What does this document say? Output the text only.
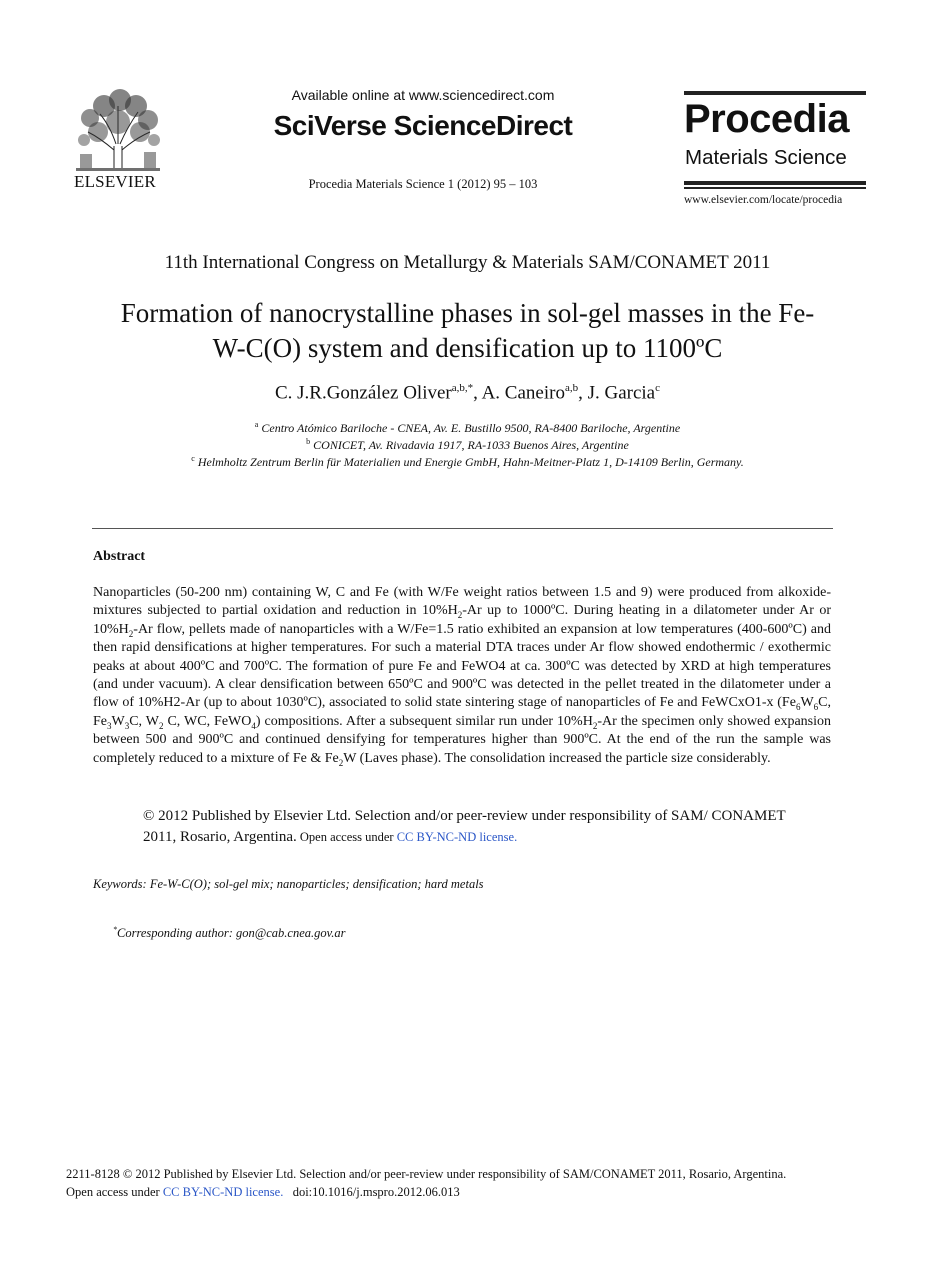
ELSEVIER
Available online at www.sciencedirect.com
SciVerse ScienceDirect
Procedia Materials Science 1 (2012) 95 – 103
Procedia
Materials Science
www.elsevier.com/locate/procedia
11th International Congress on Metallurgy & Materials SAM/CONAMET 2011
Formation of nanocrystalline phases in sol-gel masses in the Fe-
W-C(O) system and densification up to 1100ºC
C. J.R.González Oliver$^{a,b,*}$, A. Caneiro$^{a,b}$, J. Garcia$^c$
$^a$ Centro Atómico Bariloche - CNEA, Av. E. Bustillo 9500, RA-8400 Bariloche, Argentine
$^b$ CONICET, Av. Rivadavia 1917, RA-1033 Buenos Aires, Argentine
$^c$ Helmholtz Zentrum Berlin für Materialien und Energie GmbH, Hahn-Meitner-Platz 1, D-14109 Berlin, Germany.
Abstract
Nanoparticles (50-200 nm) containing W, C and Fe (with W/Fe weight ratios between 1.5 and 9) were produced from alkoxide-mixtures subjected to partial oxidation and reduction in $10\%H_2-Ar$ up to 1000ºC. During heating in a dilatometer under Ar or $10\%H_2-Ar$ flow, pellets made of nanoparticles with a W/Fe=1.5 ratio exhibited an expansion at low temperatures (400-600ºC) and then rapid densifications at higher temperatures. For such a material DTA traces under Ar flow showed endothermic / exothermic peaks at about 400ºC and 700ºC. The formation of pure Fe and FeWO4 at ca. 300ºC was detected by XRD at high temperatures (and under vacuum). A clear densification between 650ºC and 900ºC was detected in the pellet treated in the dilatometer under a flow of 10%H2-Ar (up to about 1030ºC), associated to solid state sintering stage of nanoparticles of Fe and FeWCxO1-x ($Fe_6W_6C$, $Fe_3W_3C$, $W_2$ C, WC, FeWO$_4$) compositions. After a subsequent similar run under $10\%H_2-Ar$ the specimen only showed expansion between 500 and 900ºC and continued densifying for temperatures higher than 900ºC. At the end of the run the sample was completely reduced to a mixture of Fe & $Fe_2W$ (Laves phase). The consolidation increased the particle size considerably.
© 2012 Published by Elsevier Ltd. Selection and/or peer-review under responsibility of SAM/ CONAMET 2011, Rosario, Argentina. Open access under CC BY-NC-ND license.
Keywords: Fe-W-C(O); sol-gel mix; nanoparticles; densification; hard metals
*Corresponding author: gon@cab.cnea.gov.ar
2211-8128 © 2012 Published by Elsevier Ltd. Selection and/or peer-review under responsibility of SAM/CONAMET 2011, Rosario, Argentina.
Open access under CC BY-NC-ND license. doi:10.1016/j.mspro.2012.06.013
